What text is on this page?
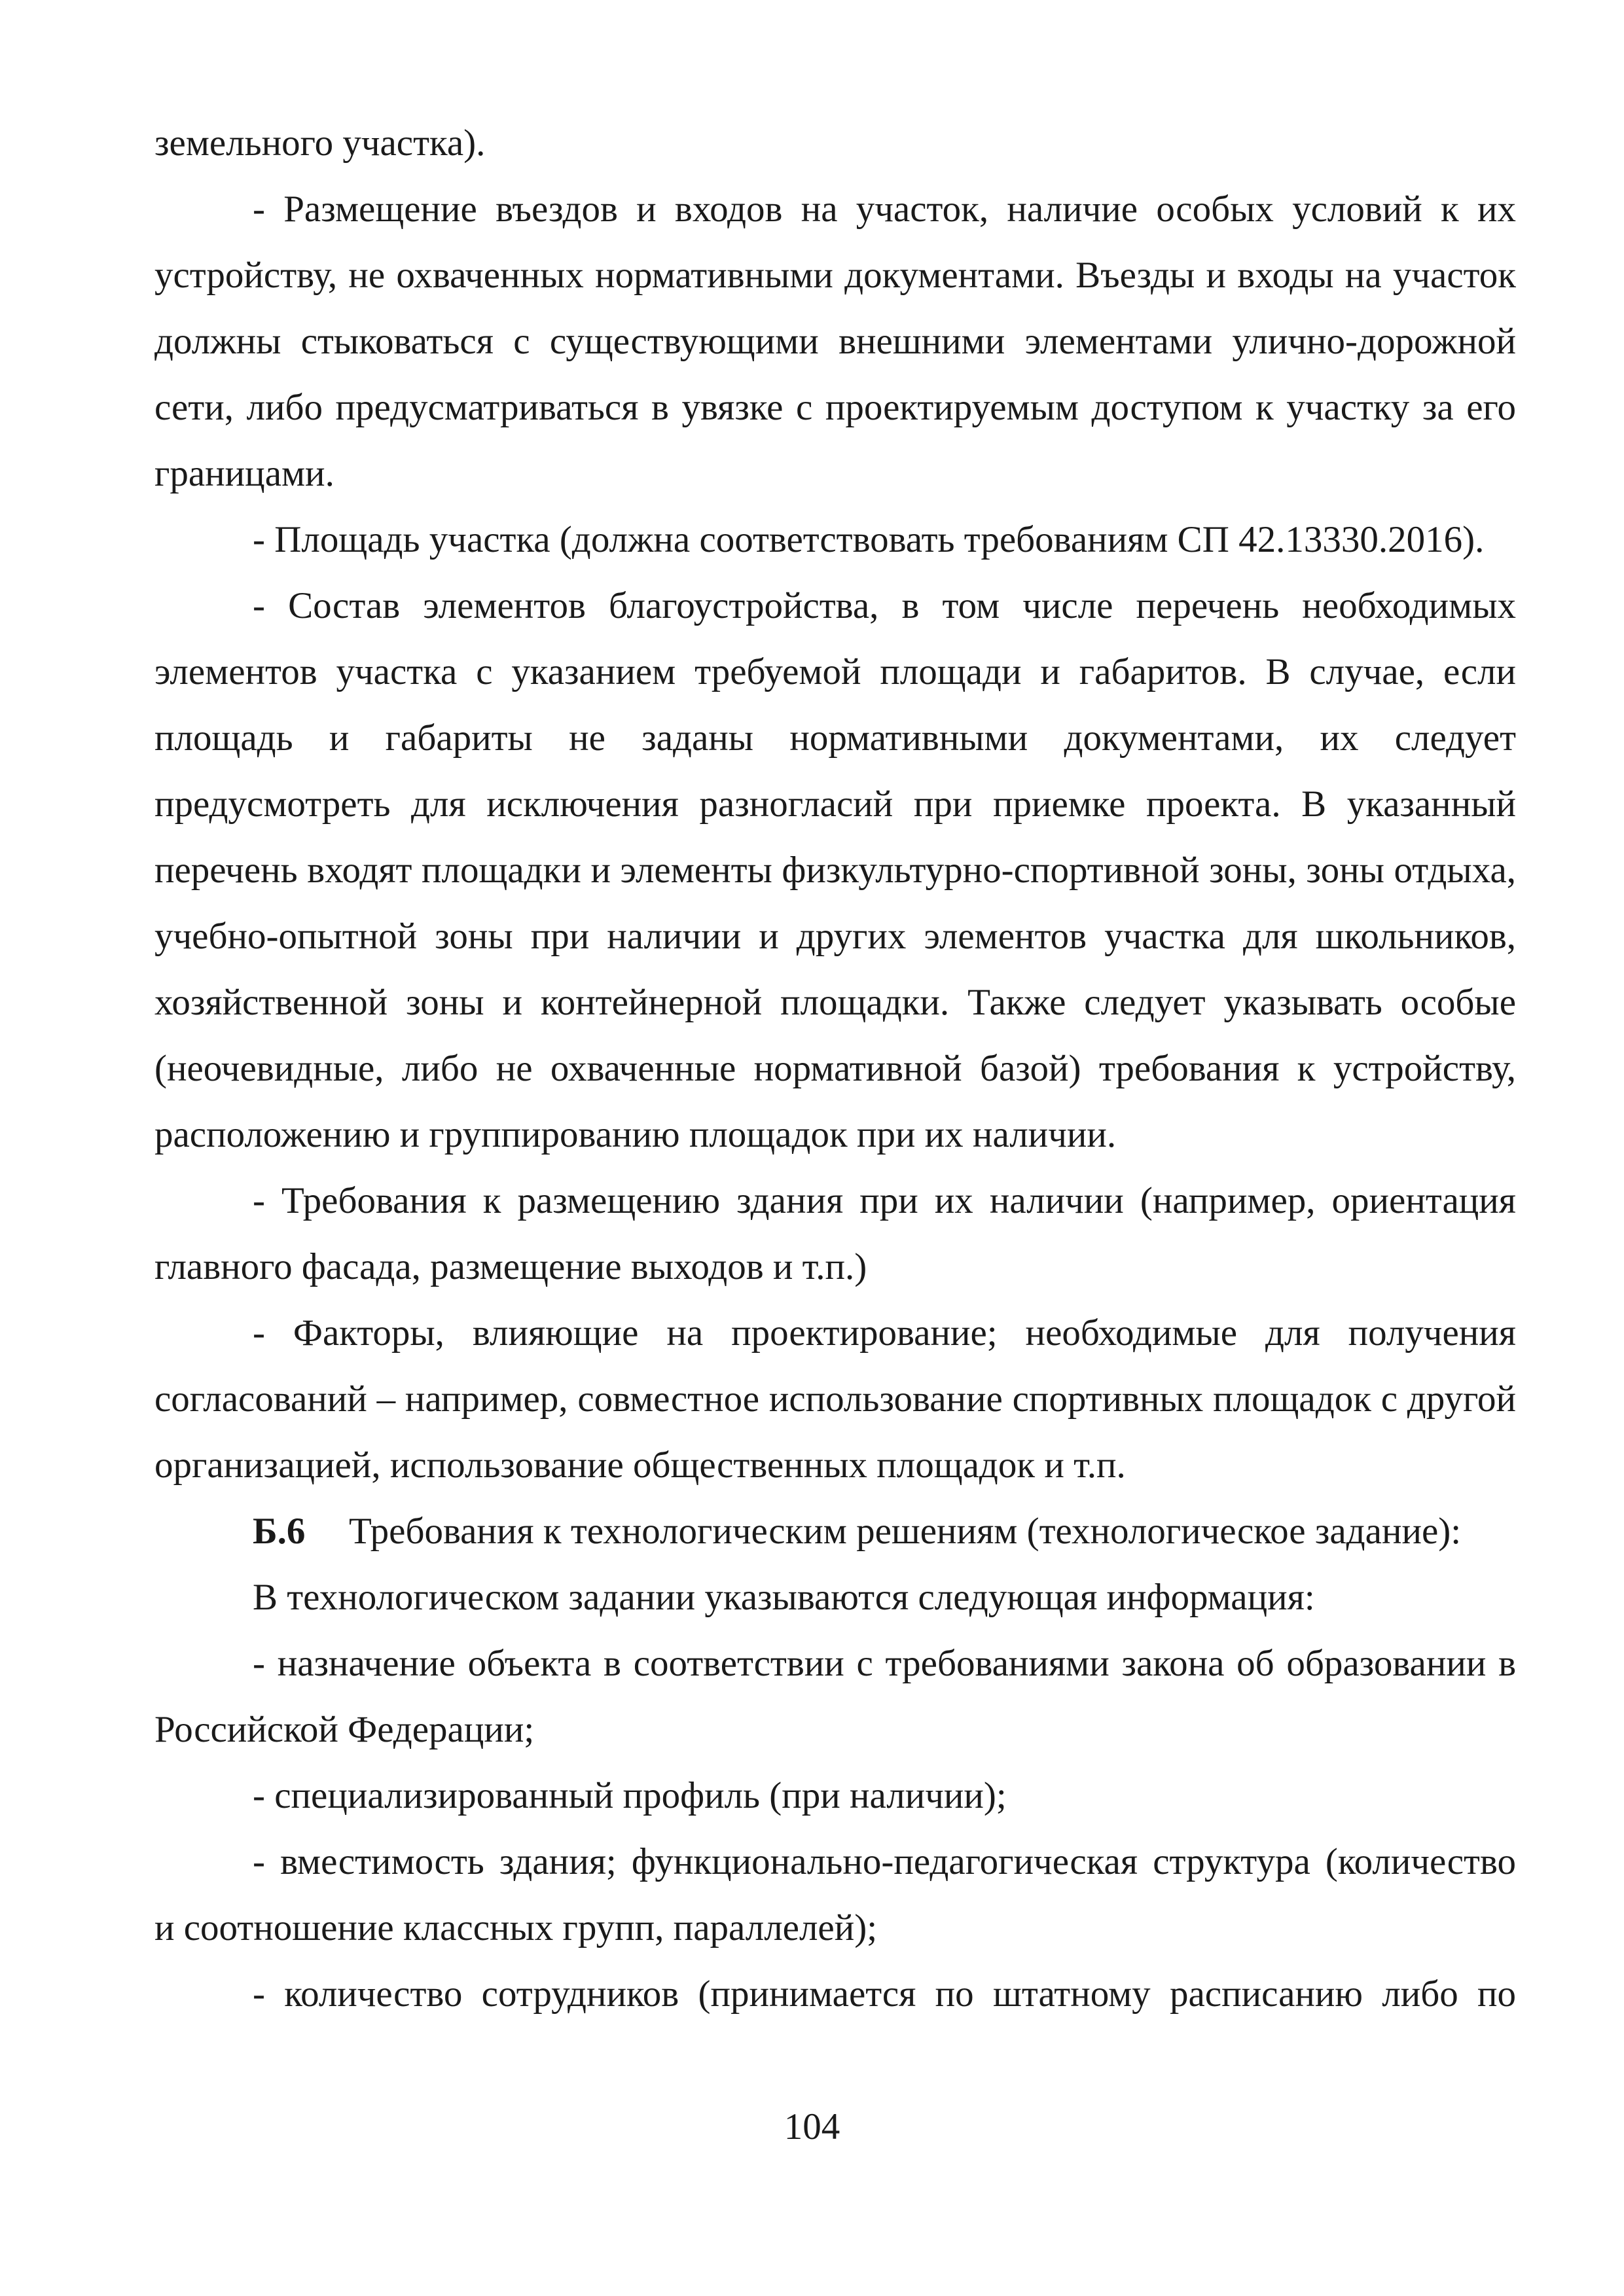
земельного участка).

- Размещение въездов и входов на участок, наличие особых условий к их устройству, не охваченных нормативными документами. Въезды и входы на участок должны стыковаться с существующими внешними элементами улично-дорожной сети, либо предусматриваться в увязке с проектируемым доступом к участку за его границами.

- Площадь участка (должна соответствовать требованиям СП 42.13330.2016).

- Состав элементов благоустройства, в том числе перечень необходимых элементов участка с указанием требуемой площади и габаритов. В случае, если площадь и габариты не заданы нормативными документами, их следует предусмотреть для исключения разногласий при приемке проекта. В указанный перечень входят площадки и элементы физкультурно-спортивной зоны, зоны отдыха, учебно-опытной зоны при наличии и других элементов участка для школьников, хозяйственной зоны и контейнерной площадки. Также следует указывать особые (неочевидные, либо не охваченные нормативной базой) требования к устройству, расположению и группированию площадок при их наличии.

- Требования к размещению здания при их наличии (например, ориентация главного фасада, размещение выходов и т.п.)

- Факторы, влияющие на проектирование; необходимые для получения согласований – например, совместное использование спортивных площадок с другой организацией, использование общественных площадок и т.п.

Б.6 Требования к технологическим решениям (технологическое задание):

В технологическом задании указываются следующая информация:

- назначение объекта в соответствии с требованиями закона об образовании в Российской Федерации;

- специализированный профиль (при наличии);

- вместимость здания; функционально-педагогическая структура (количество и соотношение классных групп, параллелей);

- количество сотрудников (принимается по штатному расписанию либо по

104
